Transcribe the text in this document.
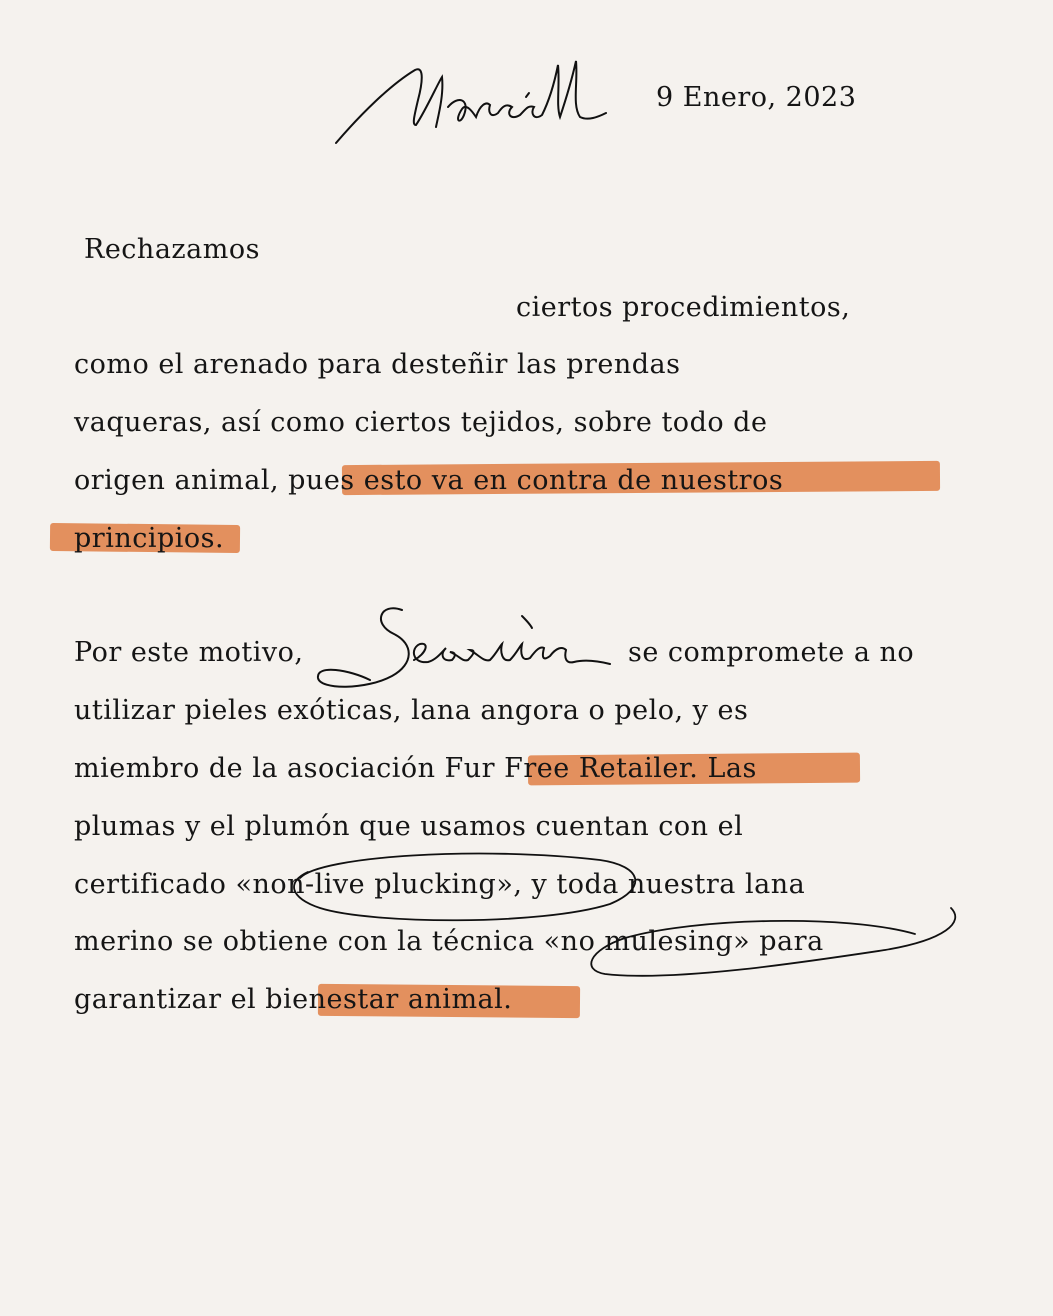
9 Enero, 2023
Rechazamos
ciertos procedimientos,
como el arenado para desteñir las prendas
vaqueras, así como ciertos tejidos, sobre todo de
origen animal, pues esto va en contra de nuestros
principios.
Por este motivo,	se compromete a no
utilizar pieles exóticas, lana angora o pelo, y es
miembro de la asociación Fur Free Retailer. Las
plumas y el plumón que usamos cuentan con el
certificado «non-live plucking», y toda nuestra lana
merino se obtiene con la técnica «no mulesing» para
garantizar el bienestar animal.
